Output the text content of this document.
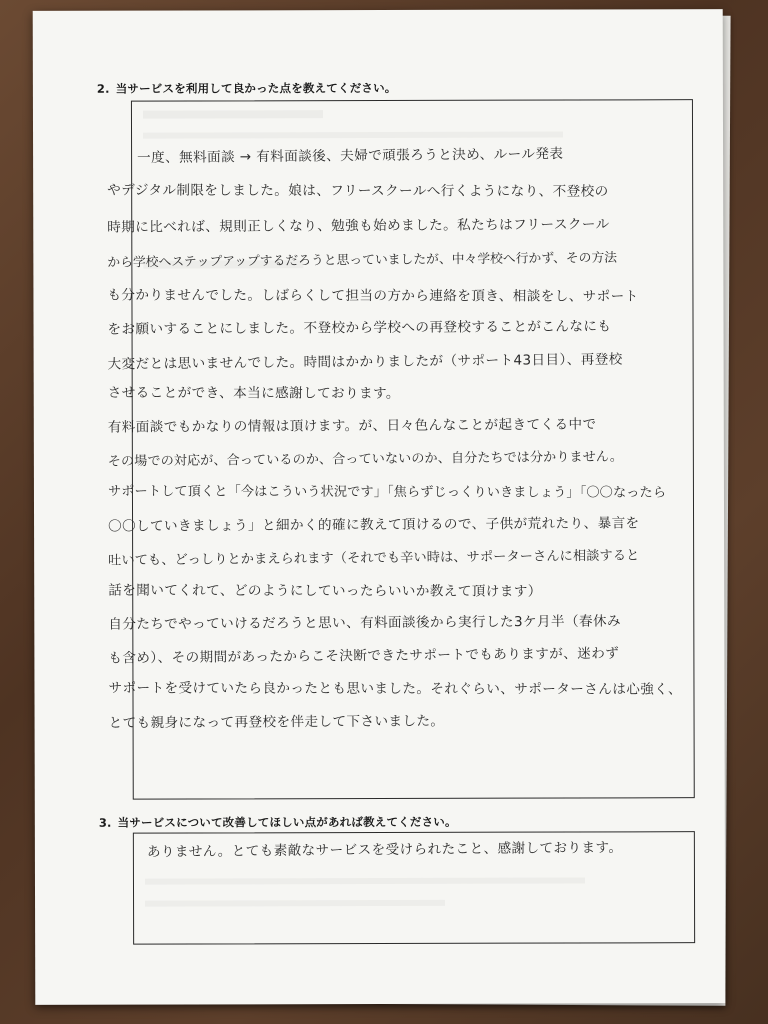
2. 当サービスを利用して良かった点を教えてください。
一度、無料面談 → 有料面談後、夫婦で頑張ろうと決め、ルール発表
やデジタル制限をしました。娘は、フリースクールへ行くようになり、不登校の
時期に比べれば、規則正しくなり、勉強も始めました。私たちはフリースクール
から学校へステップアップするだろうと思っていましたが、中々学校へ行かず、その方法
も分かりませんでした。しばらくして担当の方から連絡を頂き、相談をし、サポート
をお願いすることにしました。不登校から学校への再登校することがこんなにも
大変だとは思いませんでした。時間はかかりましたが（サポート43日目）、再登校
させることができ、本当に感謝しております。
有料面談でもかなりの情報は頂けます。が、日々色んなことが起きてくる中で
その場での対応が、合っているのか、合っていないのか、自分たちでは分かりません。
サポートして頂くと「今はこういう状況です」「焦らずじっくりいきましょう」「〇〇なったら
〇〇していきましょう」と細かく的確に教えて頂けるので、子供が荒れたり、暴言を
吐いても、どっしりとかまえられます（それでも辛い時は、サポーターさんに相談すると
話を聞いてくれて、どのようにしていったらいいか教えて頂けます）
自分たちでやっていけるだろうと思い、有料面談後から実行した3ケ月半（春休み
も含め）、その期間があったからこそ決断できたサポートでもありますが、迷わず
サポートを受けていたら良かったとも思いました。それぐらい、サポーターさんは心強く、
とても親身になって再登校を伴走して下さいました。
3. 当サービスについて改善してほしい点があれば教えてください。
ありません。とても素敵なサービスを受けられたこと、感謝しております。
